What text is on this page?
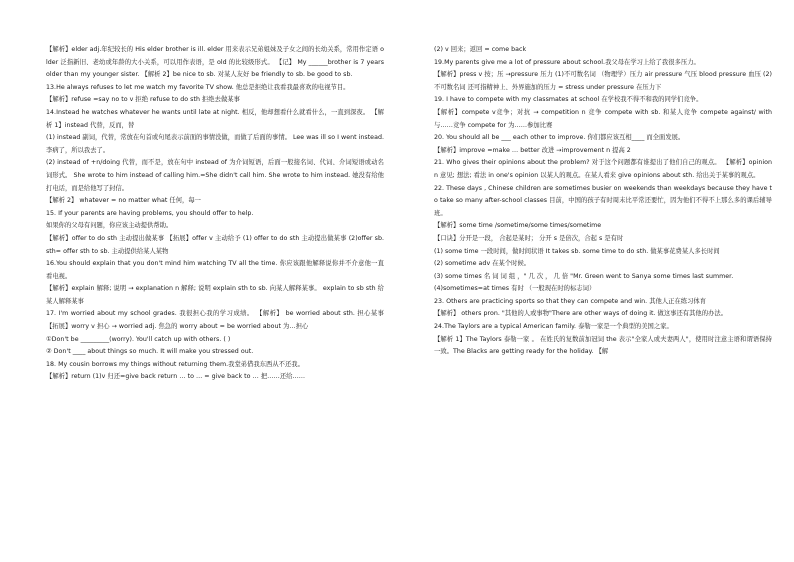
【解析】elder adj.年纪较长的 His elder brother is ill. elder 用来表示兄弟姐妹及子女之间的长幼关系，常用作定语 older 泛指新旧、老幼或年龄的大小关系，可以用作表语，是 old 的比较级形式。 【记】 My ______brother is 7 years older than my younger sister. 【解析 2】be nice to sb. 对某人友好 be friendly to sb. be good to sb.

13.He always refuses to let me watch my favorite TV show. 他总是拒绝让我看我最喜欢的电视节目。

【解析】refuse =say no to v 拒绝 refuse to do sth 拒绝去做某事

14.Instead he watches whatever he wants until late at night. 相反，他却想看什么就看什么，一直到深夜。 【解析 1】instead 代替，反而，替

(1) instead 副词，代替，常放在句首或句尾表示前面的事情没做，而做了后面的事情。 Lee was ill so I went instead.李病了，所以我去了。

(2) instead of +n/doing 代替，而不是，放在句中 instead of 为介词短语，后面一般接名词、代词、介词短语或动名词形式。 She wrote to him instead of calling him.=She didn't call him. She wrote to him instead. 她没有给他打电话，而是给他写了封信。

【解析 2】 whatever = no matter what 任何，每一

15. If your parents are having problems, you should offer to help.

如果你的父母有问题，你应该主动提供帮助。

【解析】offer to do sth 主动提出做某事 【拓展】offer v 主动给予 (1) offer to do sth 主动提出做某事 (2)offer sb. sth= offer sth to sb. 主动提供给某人某物

16.You should explain that you don't mind him watching TV all the time. 你应该跟他解释说你并不介意他一直看电视。

【解析】explain 解释; 说明 → explanation n 解释; 说明 explain sth to sb. 向某人解释某事。 explain to sb sth 给某人解释某事

17. I'm worried about my school grades. 我很担心我的学习成绩。 【解析】 be worried about sth. 担心某事 【拓展】worry v 担心 → worried adj. 焦急的 worry about = be worried about 为…担心

①Don't be _________(worry). You'll catch up with others. ( )

② Don't ____ about things so much. It will make you stressed out.

18. My cousin borrows my things without returning them.我堂弟借我东西从不还我。

【解析】return (1)v 归还=give back return … to … = give back to … 把……还给……

(2) v 回来；返回 = come back

19.My parents give me a lot of pressure about school.我父母在学习上给了我很多压力。

【解析】press v 按；压 →pressure 压力 (1)不可数名词 （物理学）压力 air pressure 气压 blood pressure 血压 (2)不可数名词 还可指精神上、外界施加的压力 = stress under pressure 在压力下

19. I have to compete with my classmates at school 在学校我不得不和我的同学们竞争。

【解析】compete v竞争；对抗 → competition n 竞争 compete with sb. 和某人竞争 compete against/ with 与……竞争 compete for 为……参加比赛

20. You should all be ___ each other to improve. 你们都应该互相____ 而全面发展。

【解析】improve =make … better 改进 →improvement n 提高 2

21. Who gives their opinions about the problem? 对于这个问题都有谁提出了他们自己的观点。 【解析】opinion n 意见; 想法; 看法 in one's opinion 以某人的观点。在某人看来 give opinions about sth. 给出关于某事的观点。

22. These days , Chinese children are sometimes busier on weekends than weekdays because they have to take so many after-school classes 目前，中国的孩子有时周末比平常还要忙，因为他们不得不上那么多的课后辅导班。

【解析】some time /sometime/some times/sometime

【口诀】分开是一段， 合起是某时； 分开 s 是倍次，合起 s 是有时

(1) some time 一段时间，做时间状语 It takes sb. some time to do sth. 做某事花费某人多长时间

(2) sometime adv 在某个时候。

(3) some times 名 词 词 组 ，" 几 次 ， 几 倍 "Mr. Green went to Sanya some times last summer.

(4)sometimes=at times 有时 （一般现在时的标志词）

23. Others are practicing sports so that they can compete and win. 其他人正在练习体育

【解析】 others pron. "其他的人或事物"There are other ways of doing it. 做这事还有其他的办法。

24.The Taylors are a typical American family. 泰勒一家是一个典型的美国之家。

【解析 1】The Taylors 泰勒一家 。 在姓氏的复数前加冠词 the 表示"全家人或夫妻两人"，使用时注意主语和谓语保持一致。The Blacks are getting ready for the holiday. 【解
